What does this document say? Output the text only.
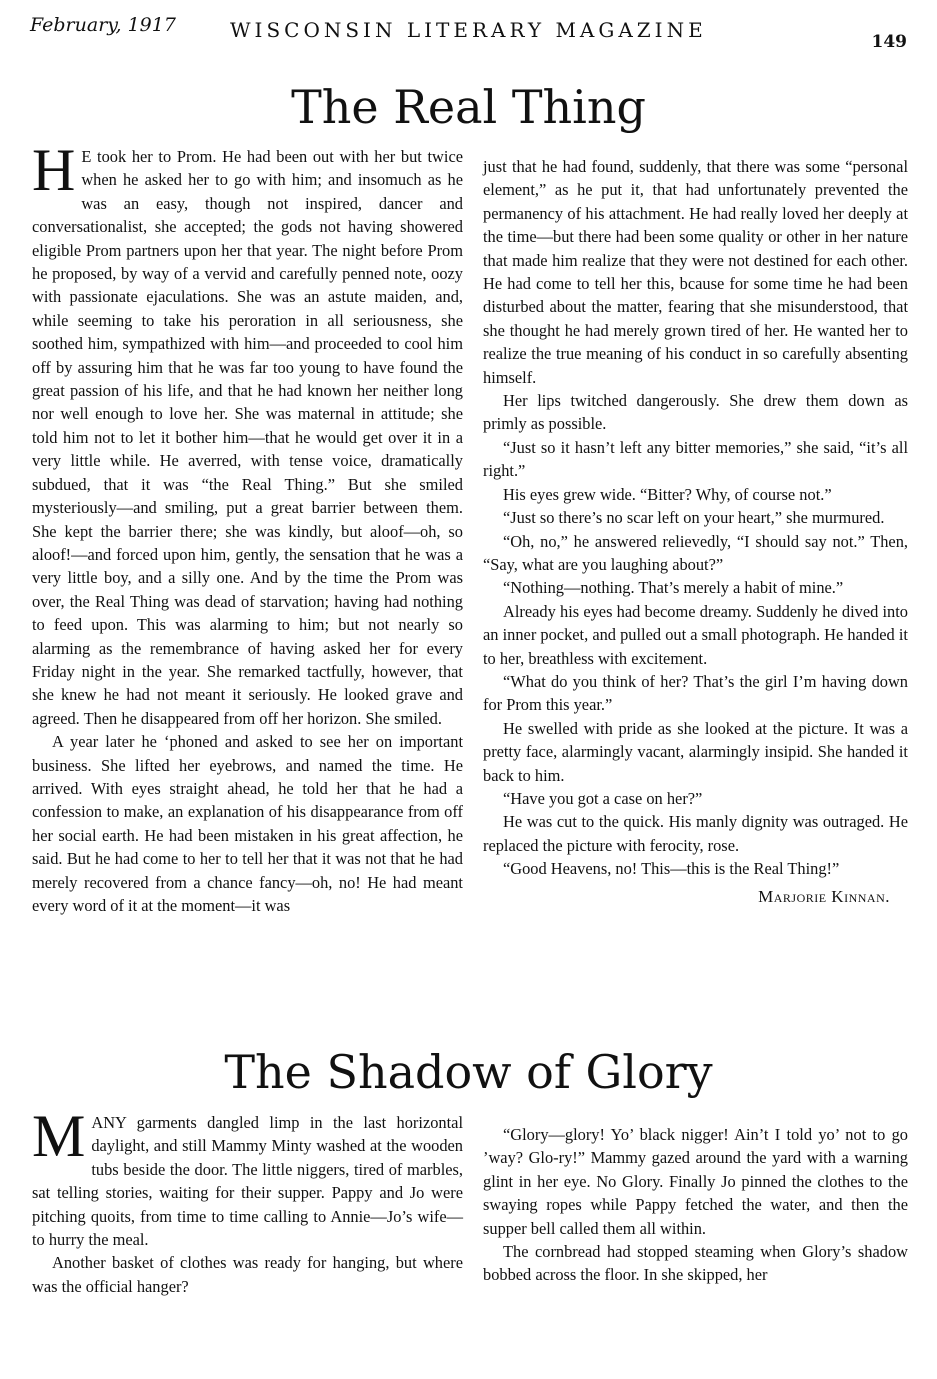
February, 1917	WISCONSIN LITERARY MAGAZINE	149
The Real Thing

H E took her to Prom. He had been out with her but twice when he asked her to go with him; and insomuch as he was an easy, though not inspired, dancer and conversationalist, she accepted; the gods not having showered eligible Prom partners upon her that year. The night before Prom he proposed, by way of a vervid and carefully penned note, oozy with passionate ejaculations. She was an astute maiden, and, while seeming to take his peroration in all seriousness, she soothed him, sympathized with him—and proceeded to cool him off by assuring him that he was far too young to have found the great passion of his life, and that he had known her neither long nor well enough to love her. She was maternal in attitude; she told him not to let it bother him—that he would get over it in a very little while. He averred, with tense voice, dramatically subdued, that it was “the Real Thing.” But she smiled mysteriously—and smiling, put a great barrier between them. She kept the barrier there; she was kindly, but aloof—oh, so aloof!—and forced upon him, gently, the sensation that he was a very little boy, and a silly one. And by the time the Prom was over, the Real Thing was dead of starvation; having had nothing to feed upon. This was alarming to him; but not nearly so alarming as the remembrance of having asked her for every Friday night in the year. She remarked tactfully, however, that she knew he had not meant it seriously. He looked grave and agreed. Then he disappeared from off her horizon. She smiled.

A year later he ‘phoned and asked to see her on important business. She lifted her eyebrows, and named the time. He arrived. With eyes straight ahead, he told her that he had a confession to make, an explanation of his disappearance from off her social earth. He had been mistaken in his great affection, he said. But he had come to her to tell her that it was not that he had merely recovered from a chance fancy—oh, no! He had meant every word of it at the moment—it was

just that he had found, suddenly, that there was some “personal element,” as he put it, that had unfortunately prevented the permanency of his attachment. He had really loved her deeply at the time—but there had been some quality or other in her nature that made him realize that they were not destined for each other. He had come to tell her this, bcause for some time he had been disturbed about the matter, fearing that she misunderstood, that she thought he had merely grown tired of her. He wanted her to realize the true meaning of his conduct in so carefully absenting himself.

Her lips twitched dangerously. She drew them down as primly as possible.

“Just so it hasn’t left any bitter memories,” she said, “it’s all right.”

His eyes grew wide. “Bitter? Why, of course not.”

“Just so there’s no scar left on your heart,” she murmured.

“Oh, no,” he answered relievedly, “I should say not.” Then, “Say, what are you laughing about?”

“Nothing—nothing. That’s merely a habit of mine.”

Already his eyes had become dreamy. Suddenly he dived into an inner pocket, and pulled out a small photograph. He handed it to her, breathless with excitement.

“What do you think of her? That’s the girl I’m having down for Prom this year.”

He swelled with pride as she looked at the picture. It was a pretty face, alarmingly vacant, alarmingly insipid. She handed it back to him.

“Have you got a case on her?”

He was cut to the quick. His manly dignity was outraged. He replaced the picture with ferocity, rose.

“Good Heavens, no! This—this is the Real Thing!”

Marjorie Kinnan.

The Shadow of Glory

MANY garments dangled limp in the last horizontal daylight, and still Mammy Minty washed at the wooden tubs beside the door. The little niggers, tired of marbles, sat telling stories, waiting for their supper. Pappy and Jo were pitching quoits, from time to time calling to Annie—Jo’s wife—to hurry the meal.

Another basket of clothes was ready for hanging, but where was the official hanger?

“Glory—glory! Yo’ black nigger! Ain’t I told yo’ not to go ’way? Glo-ry!” Mammy gazed around the yard with a warning glint in her eye. No Glory. Finally Jo pinned the clothes to the swaying ropes while Pappy fetched the water, and then the supper bell called them all within.

The cornbread had stopped steaming when Glory’s shadow bobbed across the floor. In she skipped, her
